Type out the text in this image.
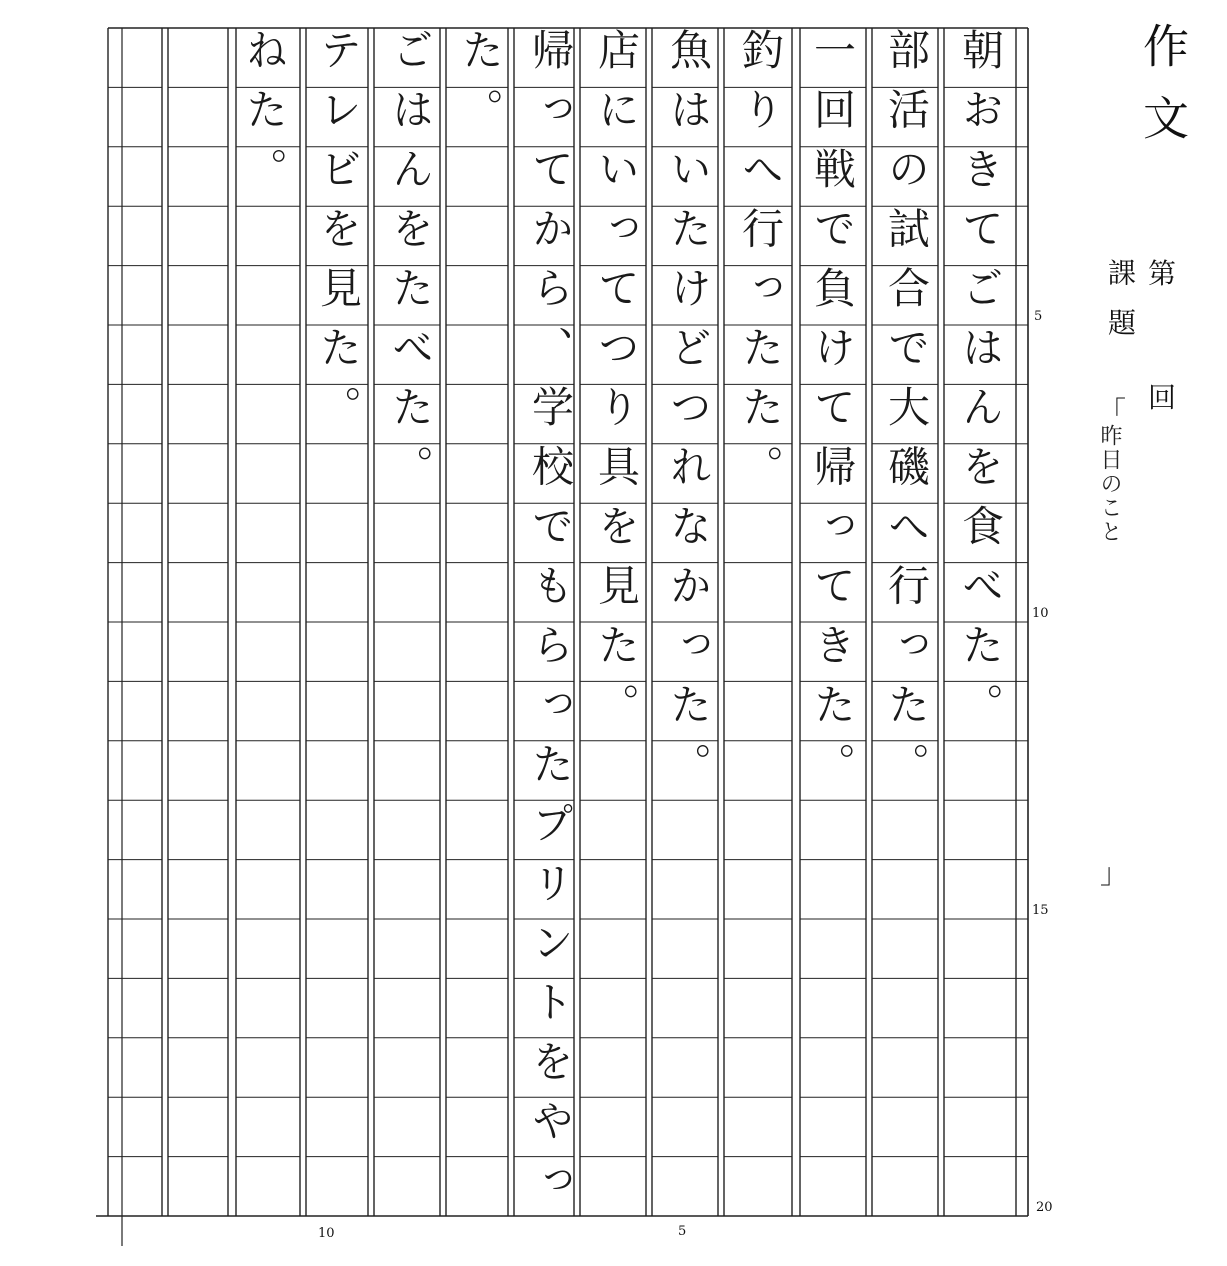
朝おきてごはんを食べた。
部活の試合で大磯へ行った。
一回戦で負けて帰ってきた。
釣りへ行ったた。
魚はいたけどつれなかった。
店にいってつり具を見た。
帰ってから、学校でもらったプリントをやっ
た。
ごはんをたべた。
テレビを見た。
ねた。	作文
第
回
課題
「
昨日のこと
」
5
10
15
20
10	5
